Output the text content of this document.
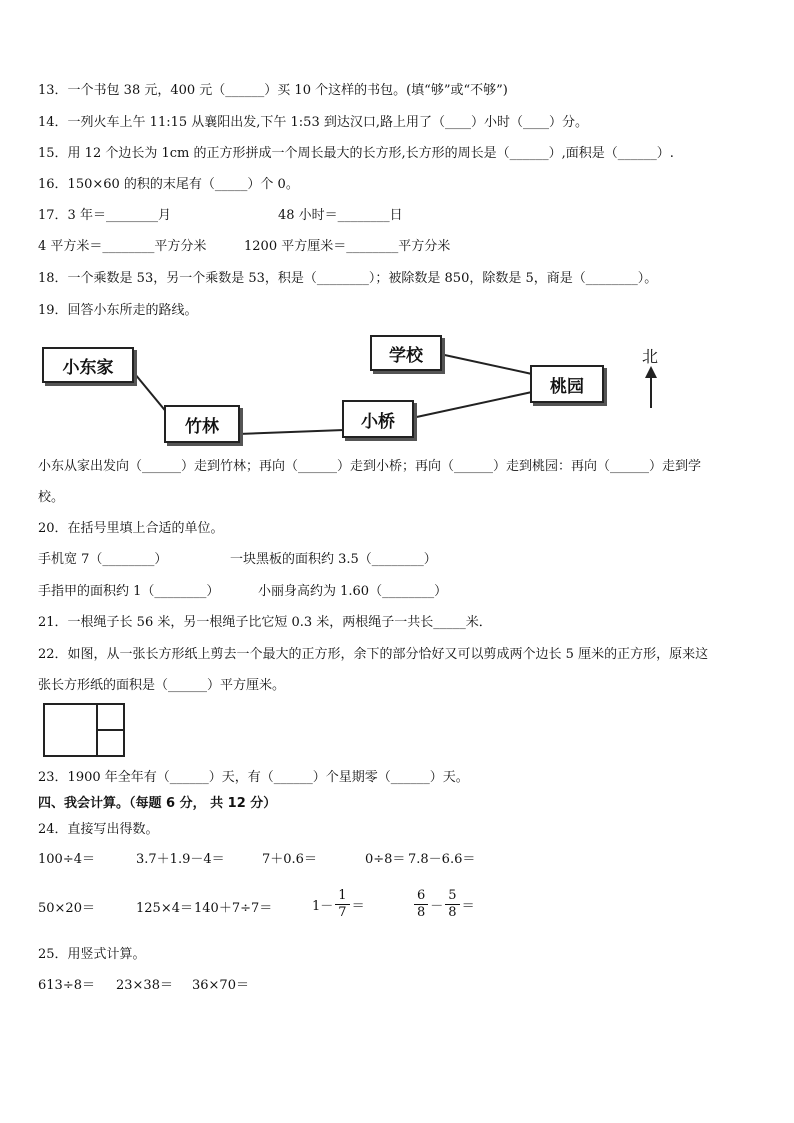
13．一个书包 38 元，400 元（______）买 10 个这样的书包。(填“够”或“不够”)
14．一列火车上午 11:15 从襄阳出发,下午 1:53 到达汉口,路上用了（____）小时（____）分。
15．用 12 个边长为 1cm 的正方形拼成一个周长最大的长方形,长方形的周长是（______）,面积是（______）.
16．150×60 的积的末尾有（_____）个 0。
17．3 年＝________月	48 小时＝________日
4 平方米＝________平方分米	1200 平方厘米＝________平方分米
18．一个乘数是 53，另一个乘数是 53，积是（________）；被除数是 850，除数是 5，商是（________）。
19．回答小东所走的路线。
小东家
竹林	小桥
学校
桃园
北
小东从家出发向（______）走到竹林；再向（______）走到小桥；再向（______）走到桃园：再向（______）走到学
校。
20．在括号里填上合适的单位。
手机宽 7（________）	一块黑板的面积约 3.5（________）
手指甲的面积约 1（________）	小丽身高约为 1.60（________）
21．一根绳子长 56 米，另一根绳子比它短 0.3 米，两根绳子一共长_____米．
22．如图，从一张长方形纸上剪去一个最大的正方形，余下的部分恰好又可以剪成两个边长 5 厘米的正方形，原来这
张长方形纸的面积是（______）平方厘米。
23．1900 年全年有（______）天，有（______）个星期零（______）天。
四、我会计算。（每题 6 分， 共 12 分）
24．直接写出得数。
100÷4＝	3.7＋1.9－4＝	7＋0.6＝	0÷8＝ 7.8－6.6＝
50×20＝	125×4＝ 140＋7÷7＝	$1- \frac{1}{7}$ ＝	$\frac{6}{8} - \frac{5}{8}$ ＝
25．用竖式计算。
613÷8＝ 23×38＝ 36×70＝
